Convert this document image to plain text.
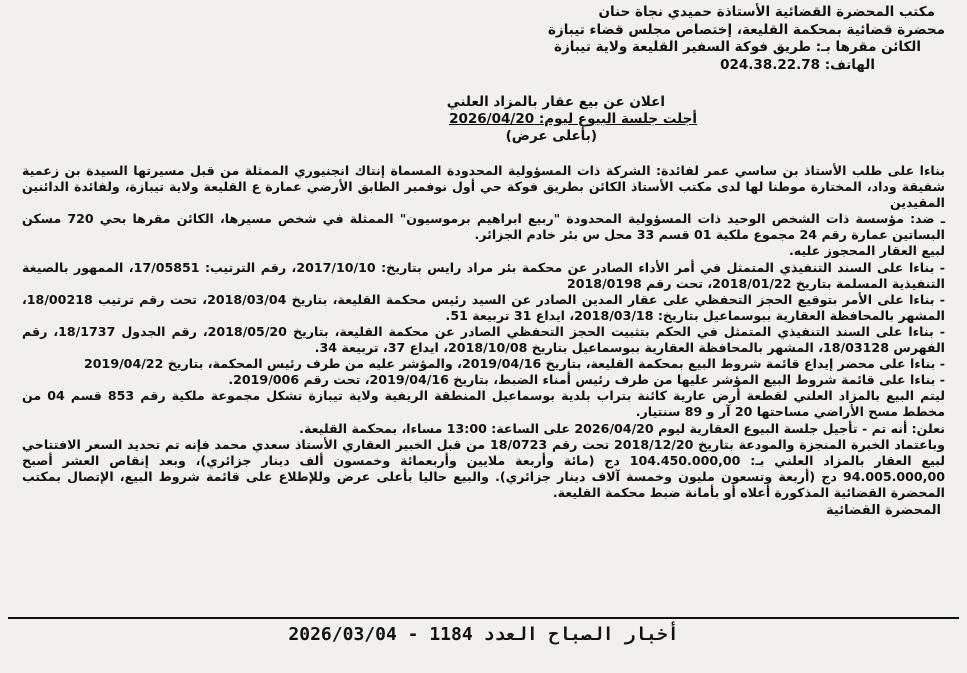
مكتب المحضرة القضائية الأستاذة حميدي نجاة حنان
محضرة قضائية بمحكمة القليعة، إختصاص مجلس قضاء تيبازة
الكائن مقرها بـ: طريق فوكة السفير القليعة ولاية تيبازة
الهاتف: 024.38.22.78
اعلان عن بيع عقار بالمزاد العلني
أجلت جلسة البيوع ليوم: 2026/04/20
(بأعلى عرض)

بناءا على طلب الأستاذ بن ساسي عمر لفائدة: الشركة ذات المسؤولية المحدودة المسماة إنتاك انجنيوري الممثلة من قبل مسيرتها السيدة بن زعمية شفيقة وداد، المختارة موطنا لها لدى مكتب الأستاذ الكائن بطريق فوكة حي أول نوفمبر الطابق الأرضي عمارة ع القليعة ولاية تيبازة، ولفائدة الدائنين المقيدين

ـ ضد: مؤسسة ذات الشخص الوحيد ذات المسؤولية المحدودة "ربيع ابراهيم برموسيون" الممثلة في شخص مسيرها، الكائن مقرها بحي 720 مسكن البساتين عمارة رقم 24 مجموع ملكية 01 قسم 33 محل س بئر خادم الجزائر.

لبيع العقار المحجوز عليه.

- بناءا على السند التنفيذي المتمثل في أمر الأداء الصادر عن محكمة بئر مراد رايس بتاريخ: 2017/10/10، رقم الترتيب: 17/05851، الممهور بالصيغة التنفيذية المسلمة بتاريخ 2018/01/22، تحت رقم 2018/0198

- بناءا على الأمر بتوقيع الحجز التحفظي على عقار المدين الصادر عن السيد رئيس محكمة القليعة، بتاريخ 2018/03/04، تحت رقم ترتيب 18/00218، المشهر بالمحافظة العقارية ببوسماعيل بتاريخ: 2018/03/18، ايداع 31 تربيعة 51.

- بناءا على السند التنفيذي المتمثل في الحكم بتثبيت الحجز التحفظي الصادر عن محكمة القليعة، بتاريخ 2018/05/20، رقم الجدول 18/1737، رقم الفهرس 18/03128، المشهر بالمحافظة العقارية ببوسماعيل بتاريخ 2018/10/08، ايداع 37، تربيعة 34.

- بناءا على محضر إيداع قائمة شروط البيع بمحكمة القليعة، بتاريخ 2019/04/16، والمؤشر عليه من طرف رئيس المحكمة، بتاريخ 2019/04/22

- بناءا على قائمة شروط البيع المؤشر عليها من طرف رئيس أمناء الضبط، بتاريخ 2019/04/16، تحت رقم 2019/006.

ليتم البيع بالمزاد العلني لقطعة أرض عارية كائنة بتراب بلدية بوسماعيل المنطقة الريفية ولاية تيبازة تشكل مجموعة ملكية رقم 853 قسم 04 من مخطط مسح الأراضي مساحتها 20 آر و 89 سنتيار.

نعلن: أنه تم - تأجيل جلسة البيوع العقارية ليوم 2026/04/20 على الساعة: 13:00 مساءا، بمحكمة القليعة.

وباعتماد الخبرة المنجزة والمودعة بتاريخ 2018/12/20 تحت رقم 18/0723 من قبل الخبير العقاري الأستاذ سعدي محمد فإنه تم تحديد السعر الافتتاحي لبيع العقار بالمزاد العلني بـ: 104.450.000,00 دج (مائة وأربعة ملايين وأربعمائة وخمسون ألف دينار جزائري)، وبعد إنقاص العشر أصبح 94.005.000,00 دج (أربعة وتسعون مليون وخمسة آلاف دينار جزائري). والبيع حاليا بأعلى عرض وللإطلاع على قائمة شروط البيع، الإتصال بمكتب المحضرة القضائية المذكورة أعلاه أو بأمانة ضبط محكمة القليعة.

المحضرة القضائية
أخبار الصباح العدد 1184 - 2026/03/04
